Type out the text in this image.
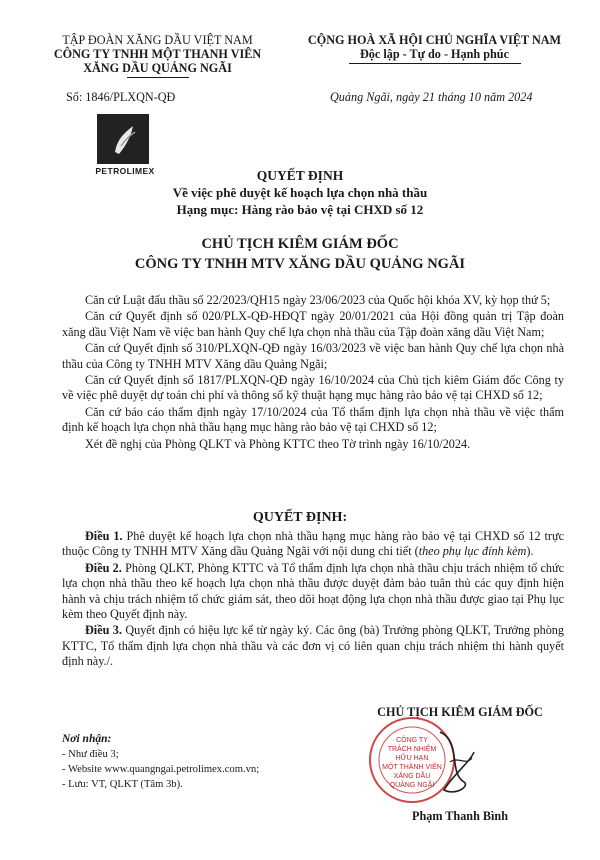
TẬP ĐOÀN XĂNG DẦU VIỆT NAM
CÔNG TY TNHH MỘT THANH VIÊN
XĂNG DẦU QUẢNG NGÃI
Số: 1846/PLXQN-QĐ
CỘNG HOÀ XÃ HỘI CHỦ NGHĨA VIỆT NAM
Độc lập - Tự do - Hạnh phúc
Quảng Ngãi, ngày 21 tháng 10 năm 2024
PETROLIMEX	QUYẾT ĐỊNH
Về việc phê duyệt kế hoạch lựa chọn nhà thầu
Hạng mục: Hàng rào bảo vệ tại CHXD số 12
CHỦ TỊCH KIÊM GIÁM ĐỐC
CÔNG TY TNHH MTV XĂNG DẦU QUẢNG NGÃI

Căn cứ Luật đấu thầu số 22/2023/QH15 ngày 23/06/2023 của Quốc hội khóa XV, kỳ họp thứ 5;

Căn cứ Quyết định số 020/PLX-QĐ-HĐQT ngày 20/01/2021 của Hội đồng quản trị Tập đoàn xăng dầu Việt Nam về việc ban hành Quy chế lựa chọn nhà thầu của Tập đoàn xăng dầu Việt Nam;

Căn cứ Quyết định số 310/PLXQN-QĐ ngày 16/03/2023 về việc ban hành Quy chế lựa chọn nhà thầu của Công ty TNHH MTV Xăng dầu Quảng Ngãi;

Căn cứ Quyết định số 1817/PLXQN-QĐ ngày 16/10/2024 của Chủ tịch kiêm Giám đốc Công ty về việc phê duyệt dự toán chi phí và thông số kỹ thuật hạng mục hàng rào bảo vệ tại CHXD số 12;

Căn cứ báo cáo thẩm định ngày 17/10/2024 của Tổ thẩm định lựa chọn nhà thầu về việc thẩm định kế hoạch lựa chọn nhà thầu hạng mục hàng rào bảo vệ tại CHXD số 12;

Xét đề nghị của Phòng QLKT và Phòng KTTC theo Tờ trình ngày 16/10/2024.

QUYẾT ĐỊNH:

Điều 1. Phê duyệt kế hoạch lựa chọn nhà thầu hạng mục hàng rào bảo vệ tại CHXD số 12 trực thuộc Công ty TNHH MTV Xăng dầu Quảng Ngãi với nội dung chi tiết (theo phụ lục đính kèm).

Điều 2. Phòng QLKT, Phòng KTTC và Tổ thẩm định lựa chọn nhà thầu chịu trách nhiệm tổ chức lựa chọn nhà thầu theo kế hoạch lựa chọn nhà thầu được duyệt đảm bảo tuân thủ các quy định hiện hành và chịu trách nhiệm tổ chức giám sát, theo dõi hoạt động lựa chọn nhà thầu được giao tại Phụ lục kèm theo Quyết định này.

Điều 3. Quyết định có hiệu lực kể từ ngày ký. Các ông (bà) Trưởng phòng QLKT, Trưởng phòng KTTC, Tổ thẩm định lựa chọn nhà thầu và các đơn vị có liên quan chịu trách nhiệm thi hành quyết định này./.

CHỦ TỊCH KIÊM GIÁM ĐỐC
CÔNG TY
TRÁCH NHIỆM
HỮU HẠN
MỘT THÀNH VIÊN
XĂNG DẦU
QUẢNG NGÃI
Phạm Thanh Bình
Nơi nhận:
- Như điều 3;
- Website www.quangngai.petrolimex.com.vn;
- Lưu: VT, QLKT (Tâm 3b).
